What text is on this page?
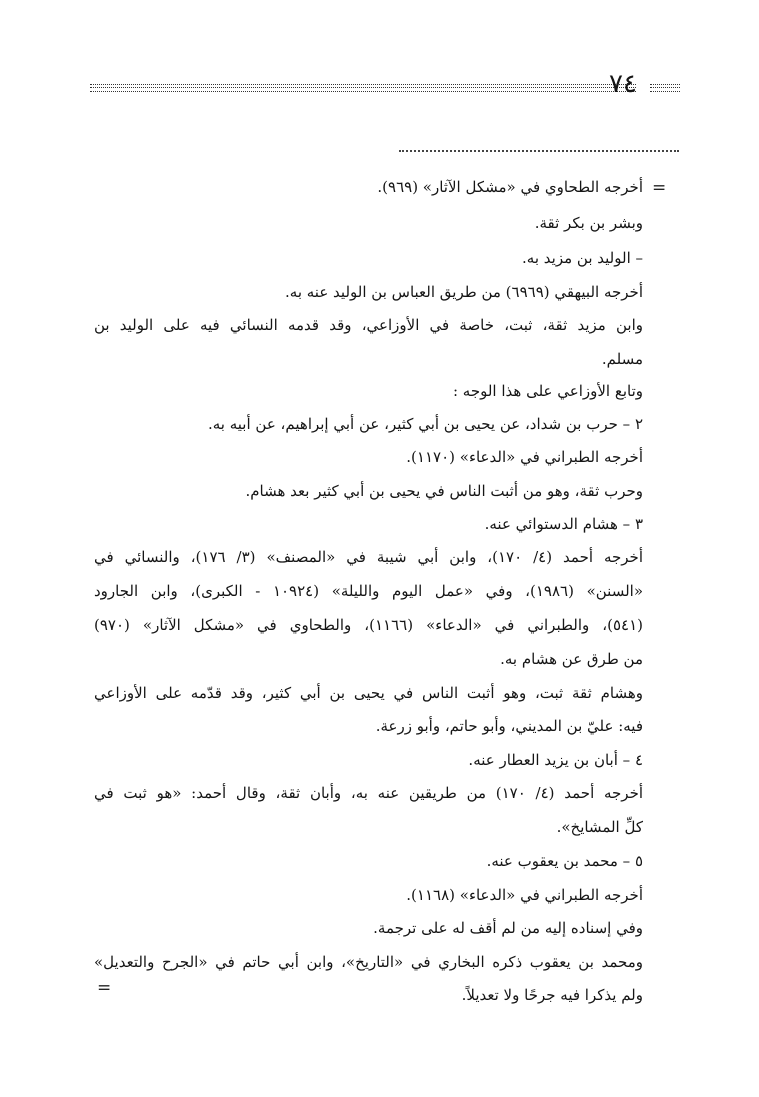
٧٤
=
=
أخرجه الطحاوي في «مشكل الآثار» (٩٦٩).
وبشر بن بكر ثقة.
– الوليد بن مزيد به.
أخرجه البيهقي (٦٩٦٩) من طريق العباس بن الوليد عنه به.
وابن مزيد ثقة، ثبت، خاصة في الأوزاعي، وقد قدمه النسائي فيه على الوليد بن
مسلم.
وتابع الأوزاعي على هذا الوجه :
٢ – حرب بن شداد، عن يحيى بن أبي كثير، عن أبي إبراهيم، عن أبيه به.
أخرجه الطبراني في «الدعاء» (١١٧٠).
وحرب ثقة، وهو من أثبت الناس في يحيى بن أبي كثير بعد هشام.
٣ – هشام الدستوائي عنه.
أخرجه أحمد (٤/ ١٧٠)، وابن أبي شيبة في «المصنف» (٣/ ١٧٦)، والنسائي في
«السنن» (١٩٨٦)، وفي «عمل اليوم والليلة» (١٠٩٢٤ - الكبرى)، وابن الجارود
(٥٤١)، والطبراني في «الدعاء» (١١٦٦)، والطحاوي في «مشكل الآثار» (٩٧٠)
من طرق عن هشام به.
وهشام ثقة ثبت، وهو أثبت الناس في يحيى بن أبي كثير، وقد قدّمه على الأوزاعي
فيه: عليّ بن المديني، وأبو حاتم، وأبو زرعة.
٤ – أبان بن يزيد العطار عنه.
أخرجه أحمد (٤/ ١٧٠) من طريقين عنه به، وأبان ثقة، وقال أحمد: «هو ثبت في
كلِّ المشايخ».
٥ – محمد بن يعقوب عنه.
أخرجه الطبراني في «الدعاء» (١١٦٨).
وفي إسناده إليه من لم أقف له على ترجمة.
ومحمد بن يعقوب ذكره البخاري في «التاريخ»، وابن أبي حاتم في «الجرح والتعديل»
ولم يذكرا فيه جرحًا ولا تعديلاً.
